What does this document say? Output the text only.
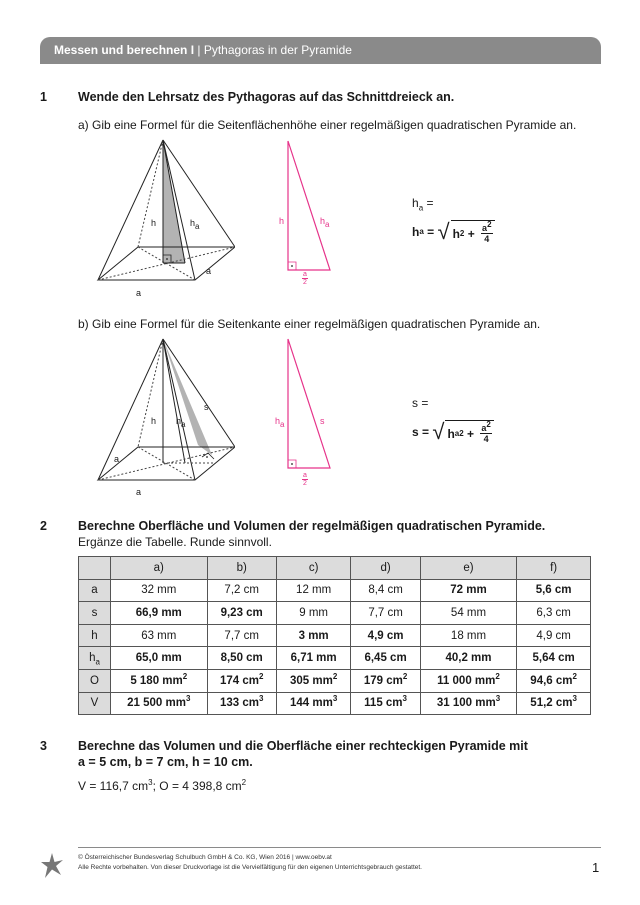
Messen und berechnen I | Pythagoras in der Pyramide
1 Wende den Lehrsatz des Pythagoras auf das Schnittdreieck an.
a) Gib eine Formel für die Seitenflächenhöhe einer regelmäßigen quadratischen Pyramide an.
h	$h_a$
a
a
h	$h_a$
a
2
$h_a$ =
h a = √ h $2 + \frac{a^2}{4}$
b) Gib eine Formel für die Seitenkante einer regelmäßigen quadratischen Pyramide an.
h $h_a$
s
a
a
$h_a$	s
a
2
s =
s = √ h a $2 + \frac{a^2}{4}$
2 Berechne Oberfläche und Volumen der regelmäßigen quadratischen Pyramide.
Ergänze die Tabelle. Runde sinnvoll.
	a)	b)	c)	d)	e)	f)
a	32 mm	7,2 cm	12 mm	8,4 cm	72 mm	5,6 cm
s	66,9 mm	9,23 cm	9 mm	7,7 cm	54 mm	6,3 cm
h	63 mm	7,7 cm	3 mm	4,9 cm	18 mm	4,9 cm
$h_a$	65,0 mm	8,50 cm	6,71 mm	6,45 cm	40,2 mm	5,64 cm
O	5 180 $mm^2$	174 $cm^2$	305 $mm^2$	179 $cm^2$	11 000 $mm^2$	94,6 $cm^2$
V	21 500 $mm^3$	133 $cm^3$	144 $mm^3$	115 $cm^3$	31 100 $mm^3$	51,2 $cm^3$
3 Berechne das Volumen und die Oberfläche einer rechteckigen Pyramide mit
a = 5 cm, b = 7 cm, h = 10 cm.
V = 116,7 $cm^3$; O = 4 398,8 $cm^2$
© Österreichischer Bundesverlag Schulbuch GmbH & Co. KG, Wien 2016 | www.oebv.at
Alle Rechte vorbehalten. Von dieser Druckvorlage ist die Vervielfältigung für den eigenen Unterrichtsgebrauch gestattet.	1
